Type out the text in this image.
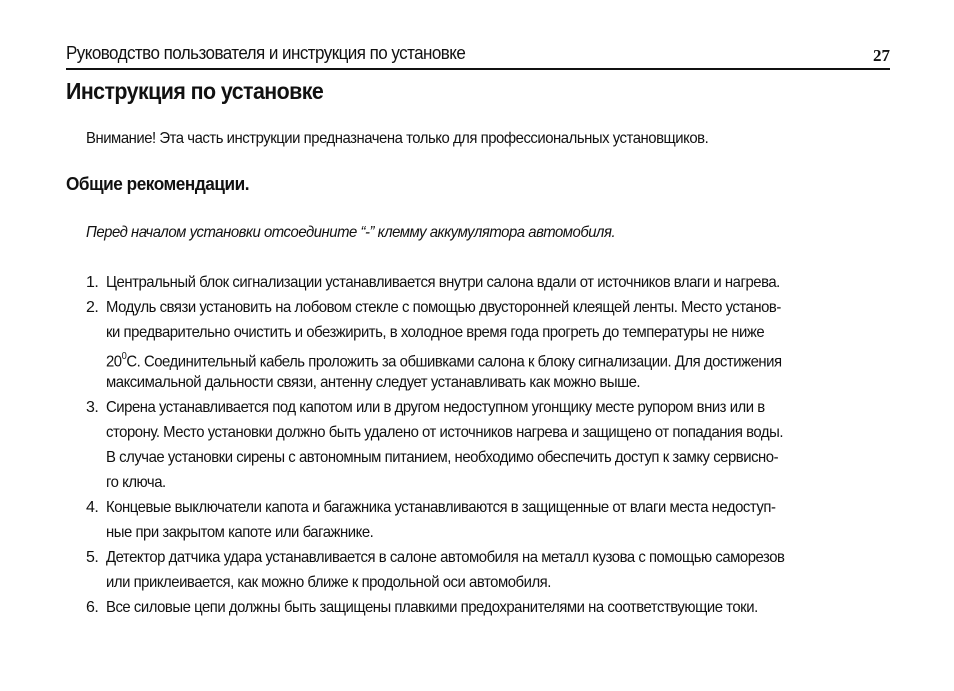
Руководство пользователя и инструкция по установке	27
Инструкция по установке
Внимание! Эта часть инструкции предназначена только для профессиональных установщиков.
Общие рекомендации.
Перед началом установки отсоедините “-” клемму аккумулятора автомобиля.
1. Центральный блок сигнализации устанавливается внутри салона вдали от источников влаги и нагрева.
2. Модуль связи установить на лобовом стекле с помощью двусторонней клеящей ленты. Место установ-
ки предварительно очистить и обезжирить, в холодное время года прогреть до температуры не ниже
$20^0С$. Соединительный кабель проложить за обшивками салона к блоку сигнализации. Для достижения
максимальной дальности связи, антенну следует устанавливать как можно выше.
3. Сирена устанавливается под капотом или в другом недоступном угонщику месте рупором вниз или в
сторону. Место установки должно быть удалено от источников нагрева и защищено от попадания воды.
В случае установки сирены с автономным питанием, необходимо обеспечить доступ к замку сервисно-
го ключа.
4. Концевые выключатели капота и багажника устанавливаются в защищенные от влаги места недоступ-
ные при закрытом капоте или багажнике.
5. Детектор датчика удара устанавливается в салоне автомобиля на металл кузова с помощью саморезов
или приклеивается, как можно ближе к продольной оси автомобиля.
6. Все силовые цепи должны быть защищены плавкими предохранителями на соответствующие токи.
